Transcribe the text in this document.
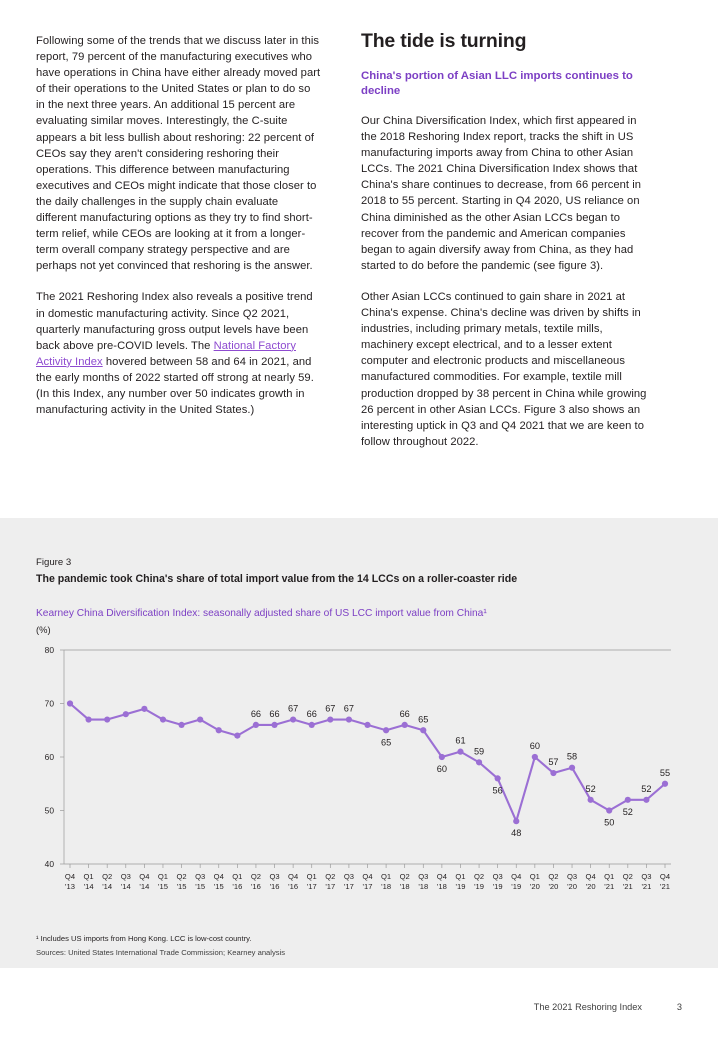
Following some of the trends that we discuss later in this report, 79 percent of the manufacturing executives who have operations in China have either already moved part of their operations to the United States or plan to do so in the next three years. An additional 15 percent are evaluating similar moves. Interestingly, the C-suite appears a bit less bullish about reshoring: 22 percent of CEOs say they aren't considering reshoring their operations. This difference between manufacturing executives and CEOs might indicate that those closer to the daily challenges in the supply chain evaluate different manufacturing options as they try to find short-term relief, while CEOs are looking at it from a longer-term overall company strategy perspective and are perhaps not yet convinced that reshoring is the answer.

The 2021 Reshoring Index also reveals a positive trend in domestic manufacturing activity. Since Q2 2021, quarterly manufacturing gross output levels have been back above pre-COVID levels. The National Factory Activity Index hovered between 58 and 64 in 2021, and the early months of 2022 started off strong at nearly 59. (In this Index, any number over 50 indicates growth in manufacturing activity in the United States.)

The tide is turning
China's portion of Asian LLC imports continues to decline

Our China Diversification Index, which first appeared in the 2018 Reshoring Index report, tracks the shift in US manufacturing imports away from China to other Asian LCCs. The 2021 China Diversification Index shows that China's share continues to decrease, from 66 percent in 2018 to 55 percent. Starting in Q4 2020, US reliance on China diminished as the other Asian LCCs began to recover from the pandemic and American companies began to again diversify away from China, as they had started to do before the pandemic (see figure 3).

Other Asian LCCs continued to gain share in 2021 at China's expense. China's decline was driven by shifts in industries, including primary metals, textile mills, machinery except electrical, and to a lesser extent computer and electronic products and miscellaneous manufactured commodities. For example, textile mill production dropped by 38 percent in China while growing 26 percent in other Asian LCCs. Figure 3 also shows an interesting uptick in Q3 and Q4 2021 that we are keen to follow throughout 2022.

Figure 3
The pandemic took China's share of total import value from the 14 LCCs on a roller-coaster ride
Kearney China Diversification Index: seasonally adjusted share of US LCC import value from China¹
(%)
40
50
60
70
80
Q4
'13
Q1
'14
Q2
'14
Q3
'14
Q4
'14
Q1
'15
Q2
'15
Q3
'15
Q4
'15
Q1
'16
Q2
'16
Q3
'16
Q4
'16
Q1
'17
Q2
'17
Q3
'17
Q4
'17
Q1
'18
Q2
'18
Q3
'18
Q4
'18
Q1
'19
Q2
'19
Q3
'19
Q4
'19
Q1
'20
Q2
'20
Q3
'20
Q4
'20
Q1
'21
Q2
'21
Q3
'21
Q4
'21
66 66
67
66
67 67
65
66
65
60
61
59
56
48
60
57
58
52
50
52
52
55
¹ Includes US imports from Hong Kong. LCC is low-cost country.
Sources: United States International Trade Commission; Kearney analysis
The 2021 Reshoring Index	3
